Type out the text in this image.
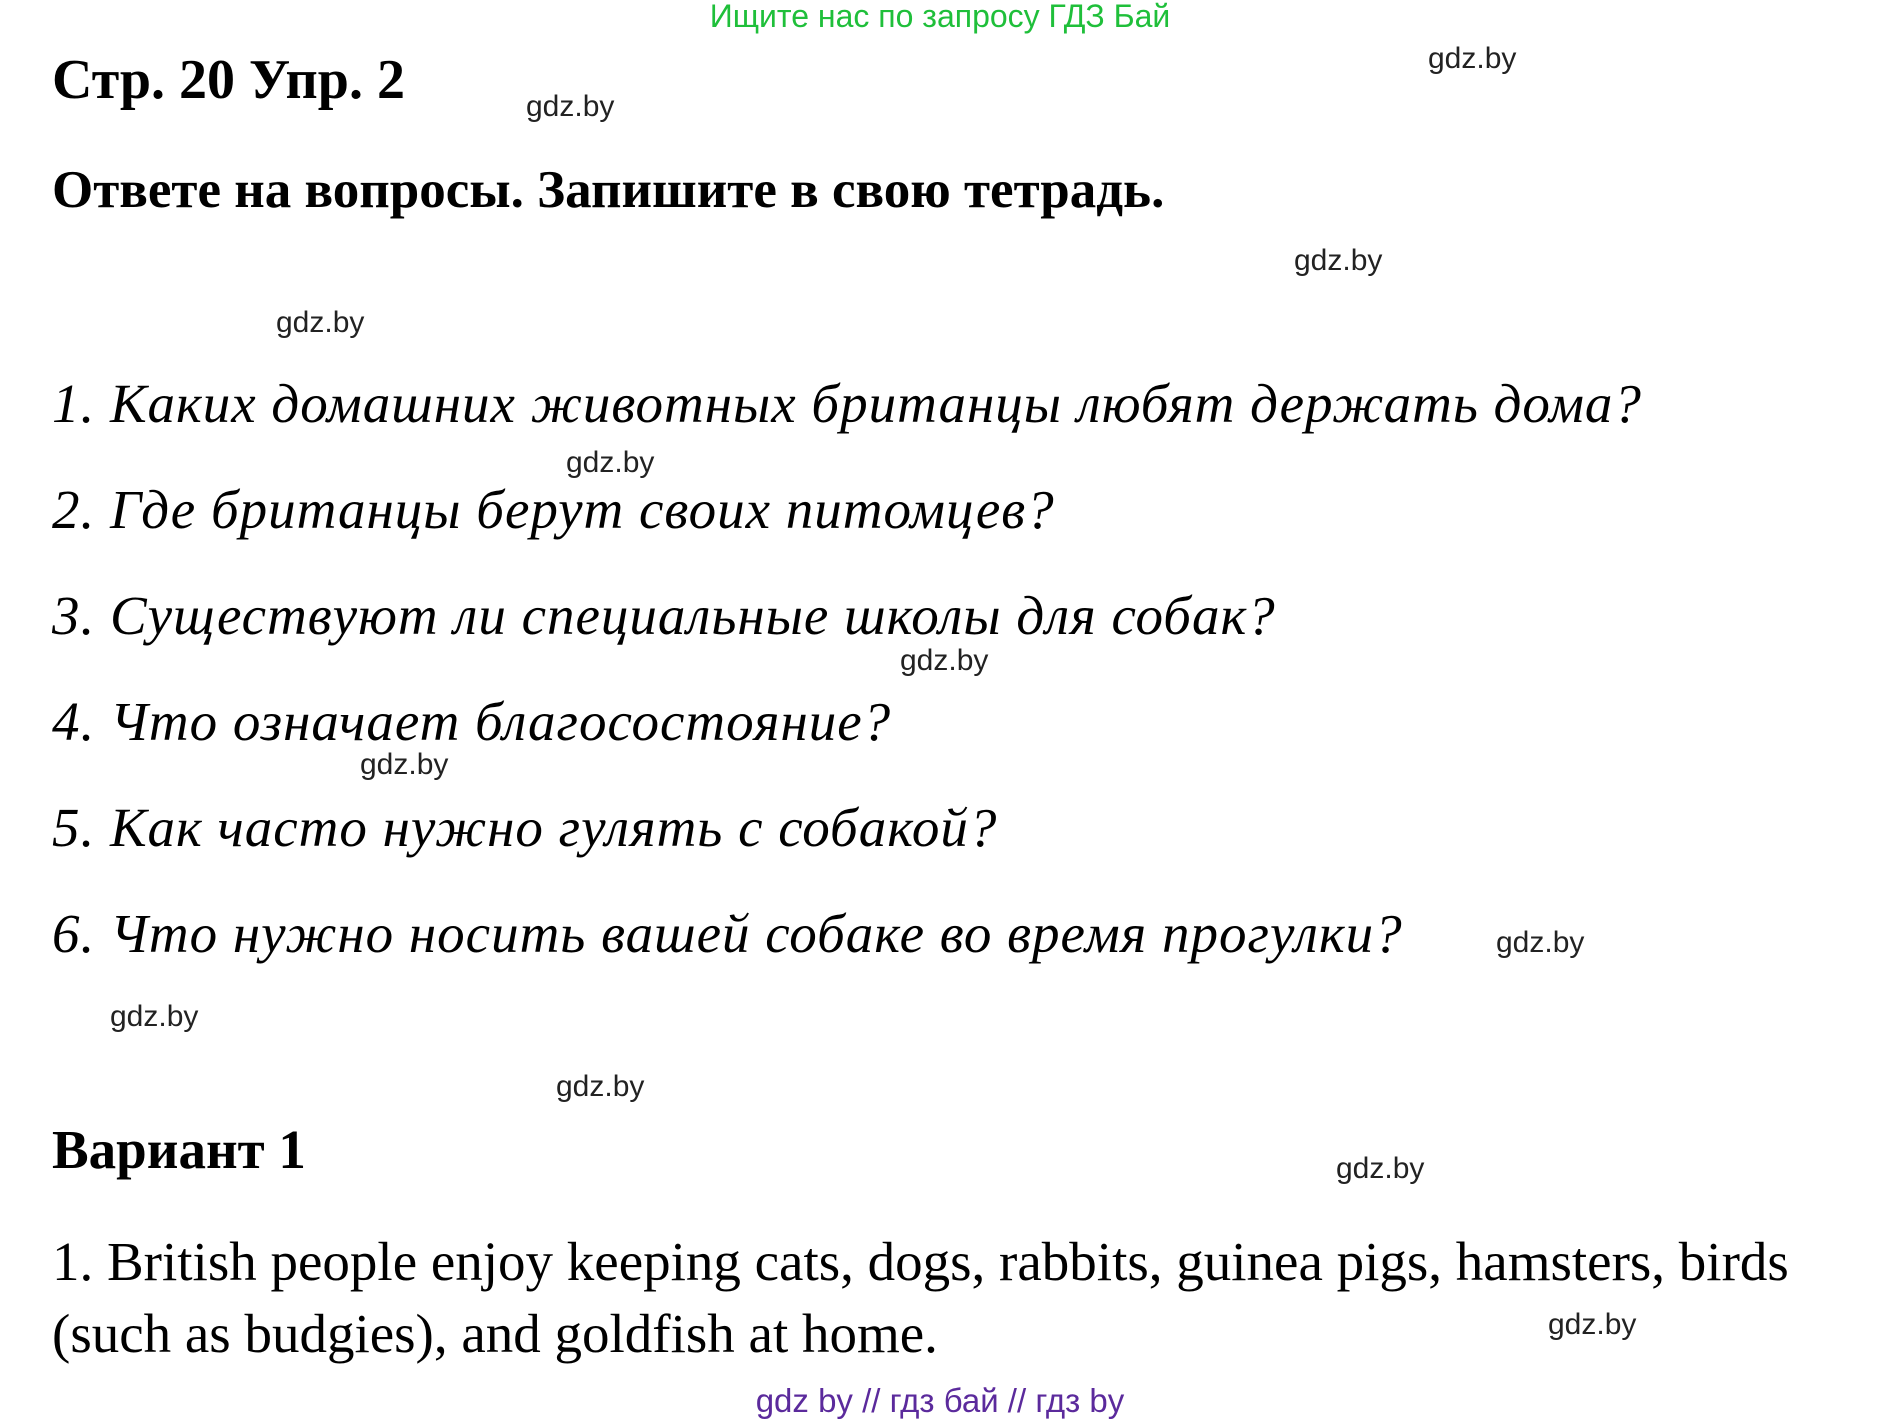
Ищите нас по запросу ГДЗ Бай
Стр. 20 Упр. 2
Ответе на вопросы. Запишите в свою тетрадь.
1. Каких домашних животных британцы любят держать дома?
2. Где британцы берут своих питомцев?
3. Существуют ли специальные школы для собак?
4. Что означает благосостояние?
5. Как часто нужно гулять с собакой?
6. Что нужно носить вашей собаке во время прогулки?
Вариант 1
1. British people enjoy keeping cats, dogs, rabbits, guinea pigs, hamsters, birds (such as budgies), and goldfish at home.
gdz.by
gdz.by
gdz.by
gdz.by
gdz.by
gdz.by
gdz.by
gdz.by
gdz.by
gdz.by
gdz.by
gdz.by
gdz by // гдз бай // гдз by
